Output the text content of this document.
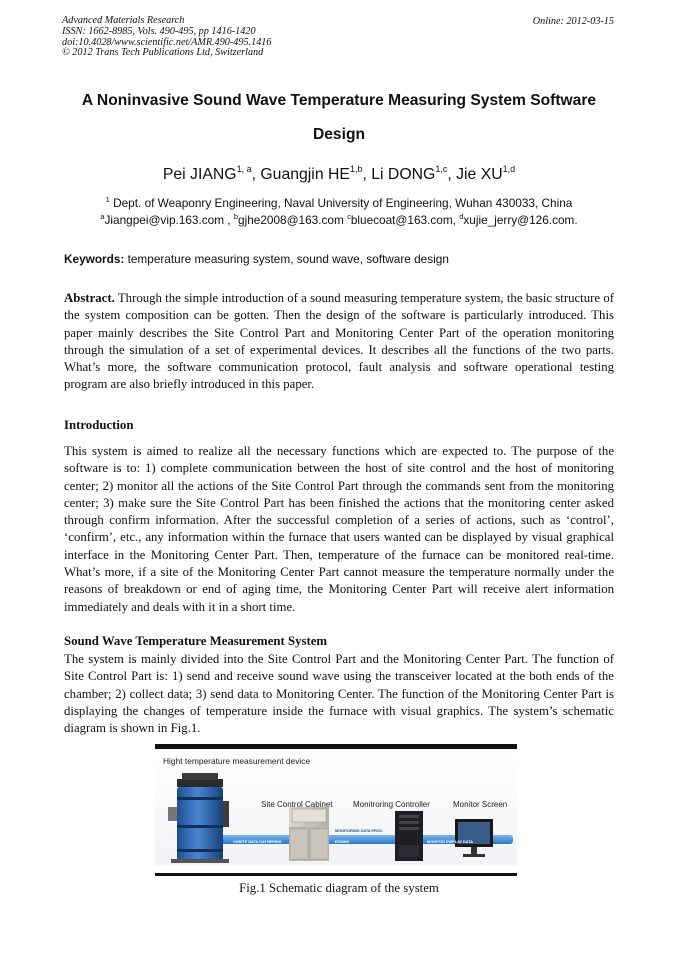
Advanced Materials Research
ISSN: 1662-8985, Vols. 490-495, pp 1416-1420
doi:10.4028/www.scientific.net/AMR.490-495.1416
© 2012 Trans Tech Publications Ltd, Switzerland
Online: 2012-03-15
A Noninvasive Sound Wave Temperature Measuring System Software
Design
Pei JIANG$^{1, a}$, Guangjin HE$^{1,b}$, Li DONG$^{1,c}$, Jie XU$^{1,d}$
$^1$ Dept. of Weaponry Engineering, Naval University of Engineering, Wuhan 430033, China
$^a$Jiangpei@vip.163.com , $^b$gjhe2008@163.com $^c$bluecoat@163.com, $^d$xujie_jerry@126.com.
Keywords: temperature measuring system, sound wave, software design

Abstract. Through the simple introduction of a sound measuring temperature system, the basic structure of the system composition can be gotten. Then the design of the software is particularly introduced. This paper mainly describes the Site Control Part and Monitoring Center Part of the operation monitoring through the simulation of a set of experimental devices. It describes all the functions of the two parts. What’s more, the software communication protocol, fault analysis and software operational testing program are also briefly introduced in this paper.

Introduction

This system is aimed to realize all the necessary functions which are expected to. The purpose of the software is to: 1) complete communication between the host of site control and the host of monitoring center; 2) monitor all the actions of the Site Control Part through the commands sent from the monitoring center; 3) make sure the Site Control Part has been finished the actions that the monitoring center asked through confirm information. After the successful completion of a series of actions, such as ‘control’, ‘confirm’, etc., any information within the furnace that users wanted can be displayed by visual graphical interface in the Monitoring Center Part. Then, temperature of the furnace can be monitored real-time. What’s more, if a site of the Monitoring Center Part cannot measure the temperature normally under the reasons of breakdown or end of aging time, the Monitoring Center Part will receive alert information immediately and deals with it in a short time.

Sound Wave Temperature Measurement System

The system is mainly divided into the Site Control Part and the Monitoring Center Part. The function of Site Control Part is: 1) send and receive sound wave using the transceiver located at the both ends of the chamber; 2) collect data; 3) send data to Monitoring Center. The function of the Monitoring Center Part is displaying the changes of temperature inside the furnace with visual graphics. The system’s schematic diagram is shown in Fig.1.

Hight temperature measurement device
Site Control Cabinet	Monitroring Controller	Monitor Screen
ONSITE DATA GATHERING
MONITORING DATA PROC
ESSING	MONITOR DISPLAY DATA
Fig.1 Schematic diagram of the system
